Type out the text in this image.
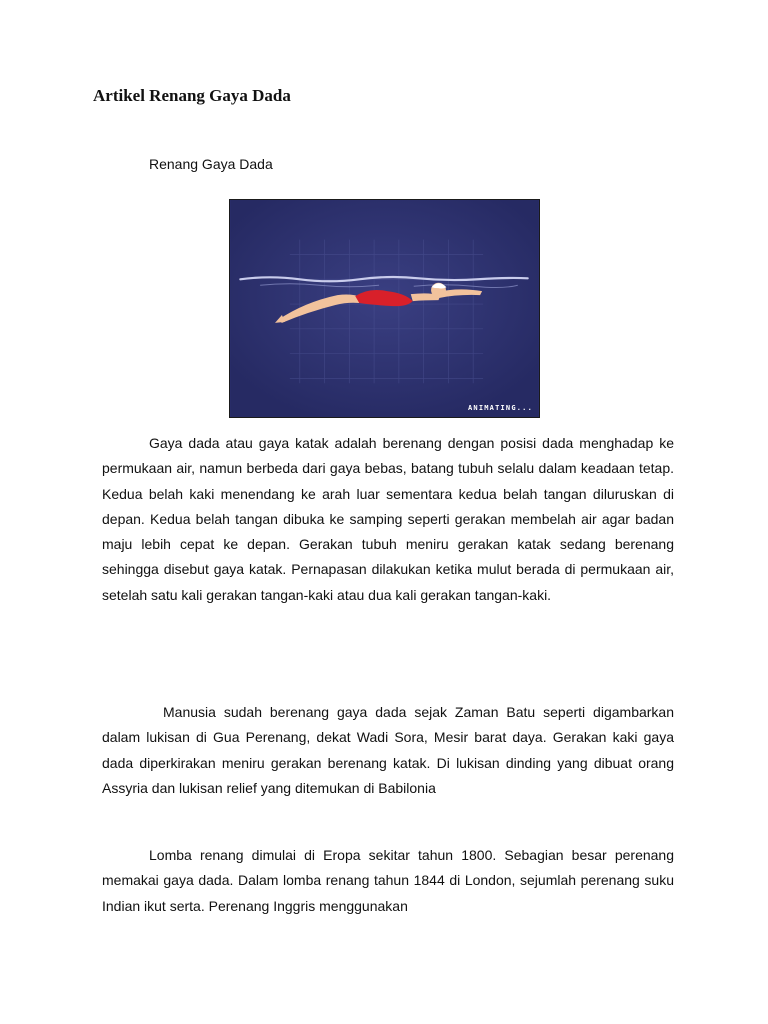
Artikel Renang Gaya Dada
Renang Gaya Dada
ANIMATING...

Gaya dada atau gaya katak adalah berenang dengan posisi dada menghadap ke permukaan air, namun berbeda dari gaya bebas, batang tubuh selalu dalam keadaan tetap. Kedua belah kaki menendang ke arah luar sementara kedua belah tangan diluruskan di depan. Kedua belah tangan dibuka ke samping seperti gerakan membelah air agar badan maju lebih cepat ke depan. Gerakan tubuh meniru gerakan katak sedang berenang sehingga disebut gaya katak. Pernapasan dilakukan ketika mulut berada di permukaan air, setelah satu kali gerakan tangan-kaki atau dua kali gerakan tangan-kaki.

Manusia sudah berenang gaya dada sejak Zaman Batu seperti digambarkan dalam lukisan di Gua Perenang, dekat Wadi Sora, Mesir barat daya. Gerakan kaki gaya dada diperkirakan meniru gerakan berenang katak. Di lukisan dinding yang dibuat orang Assyria dan lukisan relief yang ditemukan di Babilonia

Lomba renang dimulai di Eropa sekitar tahun 1800. Sebagian besar perenang memakai gaya dada. Dalam lomba renang tahun 1844 di London, sejumlah perenang suku Indian ikut serta. Perenang Inggris menggunakan
